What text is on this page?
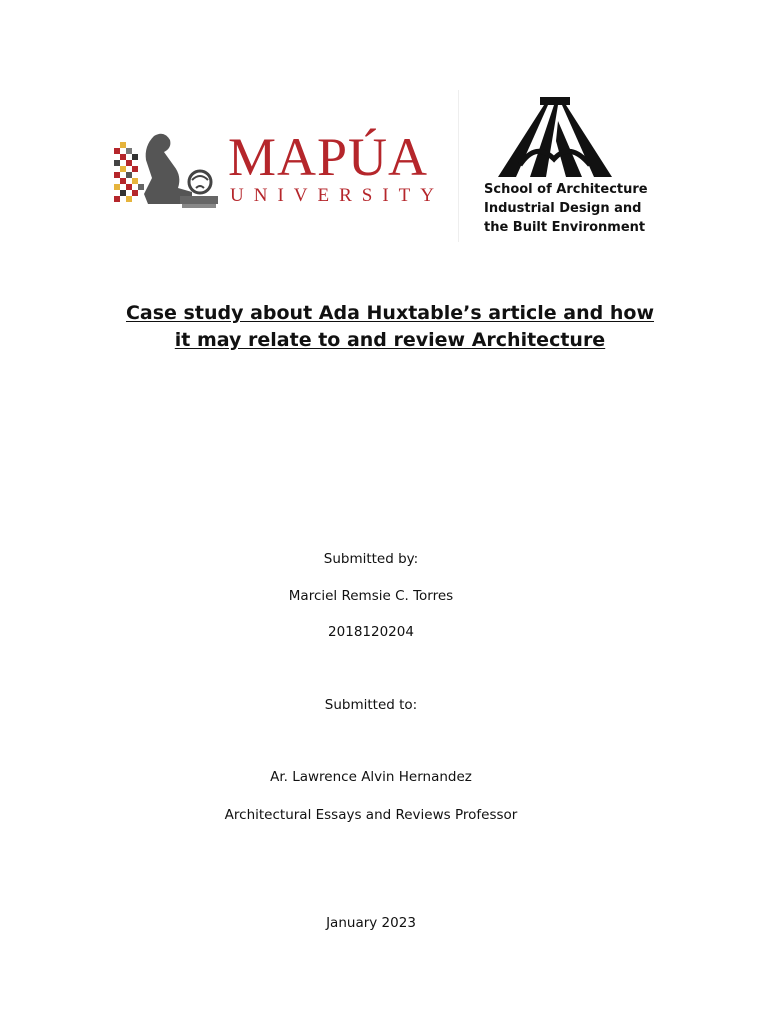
MAPÚA
UNIVERSITY	School of Architecture
Industrial Design and
the Built Environment
Case study about Ada Huxtable’s article and how
it may relate to and review Architecture
Submitted by:
Marciel Remsie C. Torres
2018120204
Submitted to:
Ar. Lawrence Alvin Hernandez
Architectural Essays and Reviews Professor
January 2023
